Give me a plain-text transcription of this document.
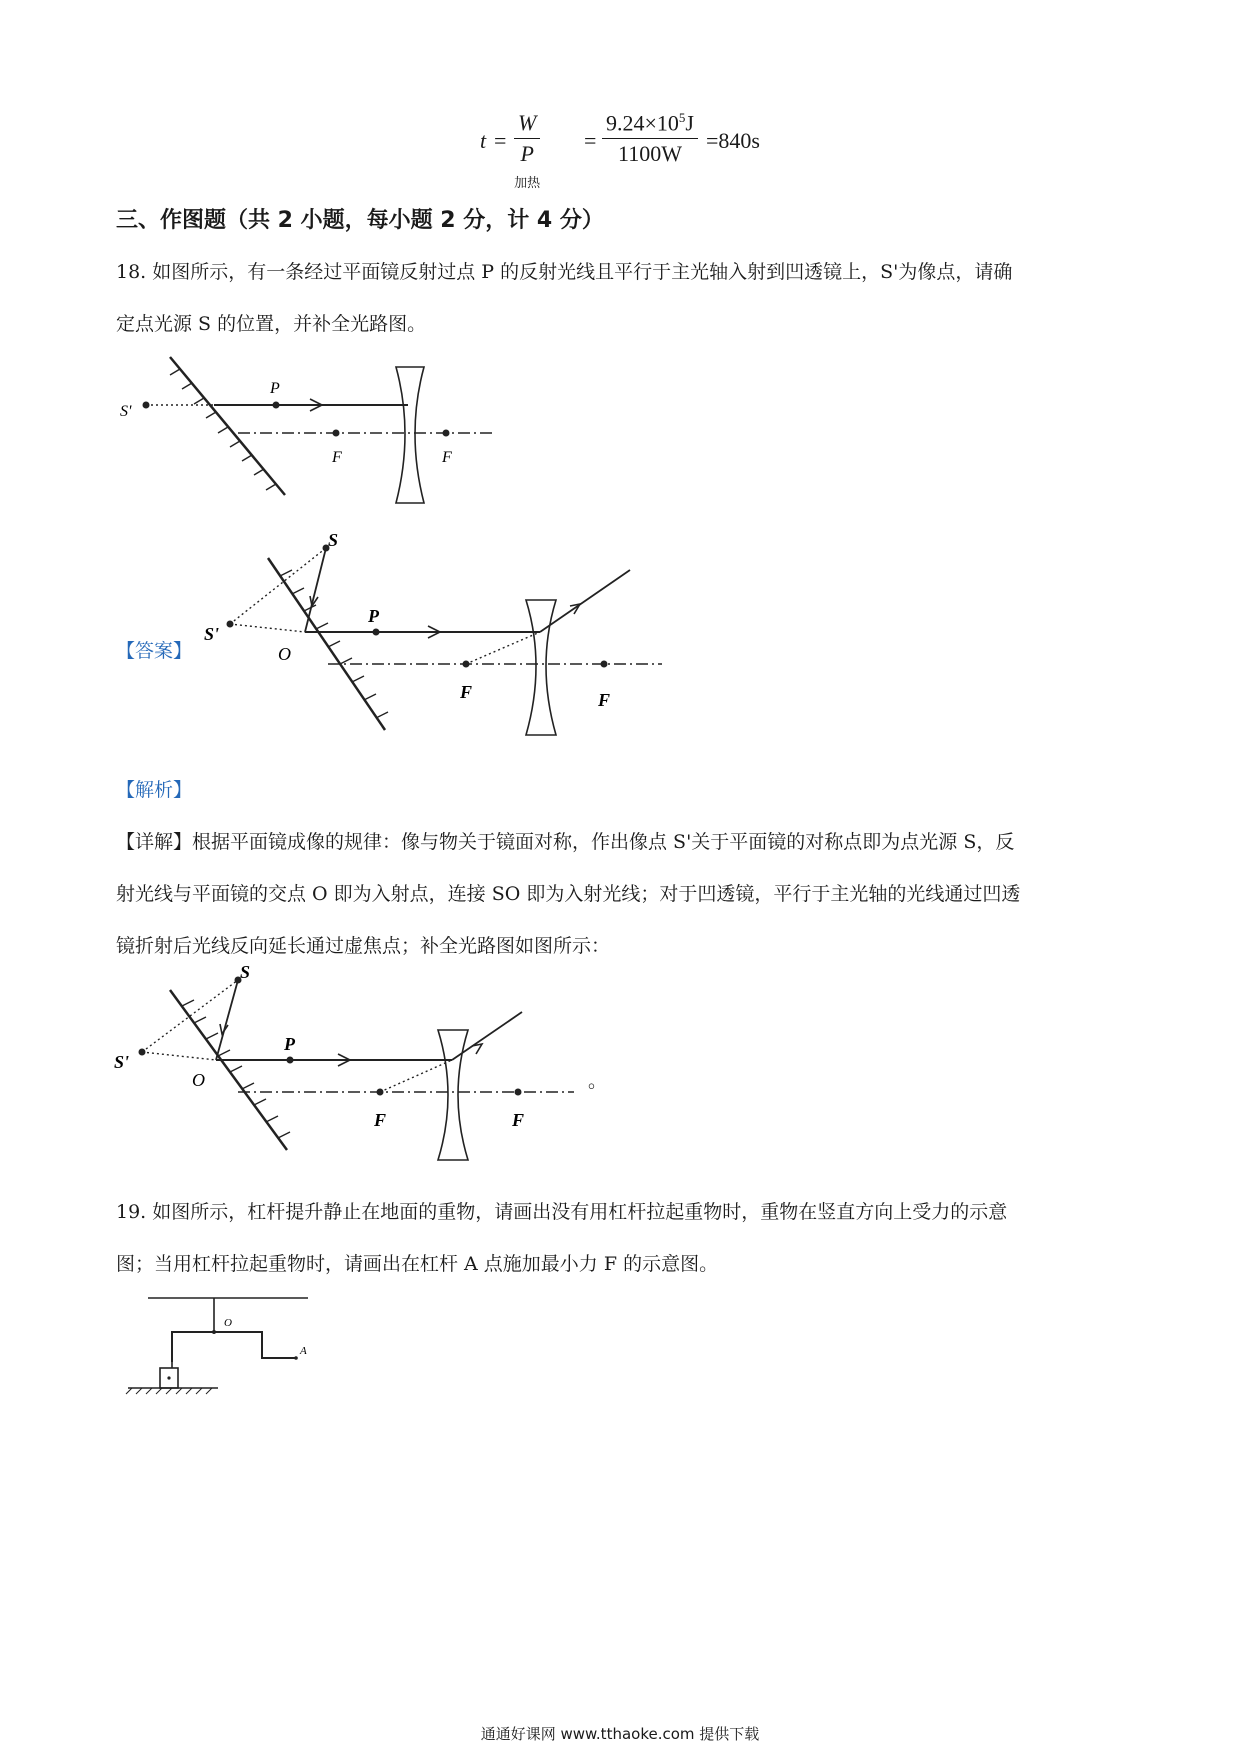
t =
W
P加热
= $\frac{9.24\times 10^5J}{1100W} =840s$
三、作图题（共 2 小题，每小题 2 分，计 4 分）
18. 如图所示，有一条经过平面镜反射过点 P 的反射光线且平行于主光轴入射到凹透镜上，S'为像点，请确
定点光源 S 的位置，并补全光路图。
S'
P
F	F
【答案】
S'
S
P
O
F	F
【解析】
【详解】根据平面镜成像的规律：像与物关于镜面对称，作出像点 S'关于平面镜的对称点即为点光源 S，反
射光线与平面镜的交点 O 即为入射点，连接 SO 即为入射光线；对于凹透镜，平行于主光轴的光线通过凹透
镜折射后光线反向延长通过虚焦点；补全光路图如图所示：
S'
S
P
O
F	F
。
19. 如图所示，杠杆提升静止在地面的重物，请画出没有用杠杆拉起重物时，重物在竖直方向上受力的示意
图；当用杠杆拉起重物时，请画出在杠杆 A 点施加最小力 F 的示意图。
O
A
通通好课网 www.tthaoke.com 提供下载
